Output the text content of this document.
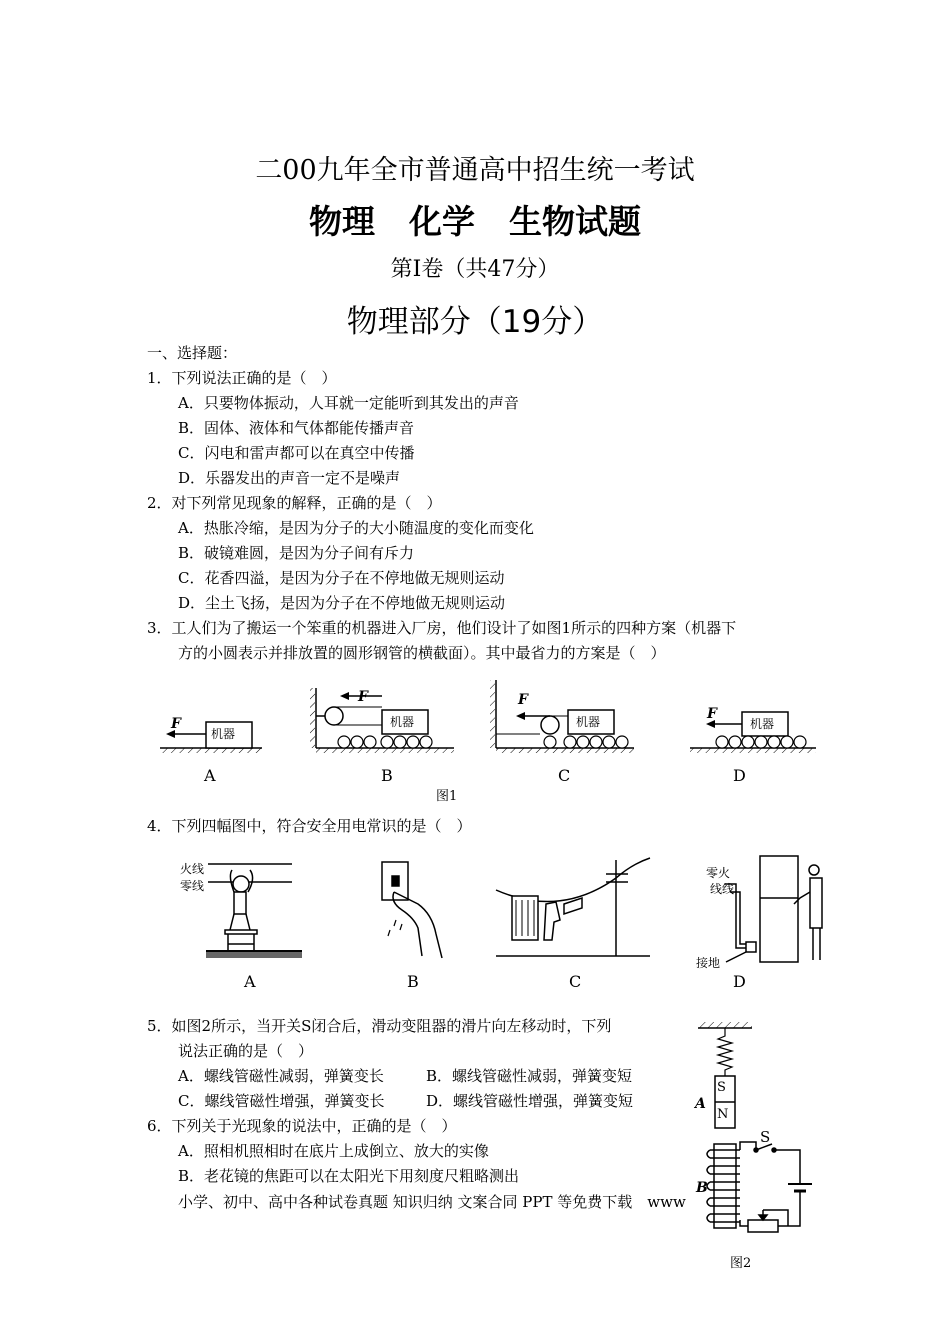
二00九年全市普通高中招生统一考试
物理 化学 生物试题
第Ⅰ卷（共47分）
物理部分（19分）
一、选择题：
1．下列说法正确的是（　）
A．只要物体振动，人耳就一定能听到其发出的声音
B．固体、液体和气体都能传播声音
C．闪电和雷声都可以在真空中传播
D．乐器发出的声音一定不是噪声
2．对下列常见现象的解释，正确的是（　）
A．热胀冷缩，是因为分子的大小随温度的变化而变化
B．破镜难圆，是因为分子间有斥力
C．花香四溢，是因为分子在不停地做无规则运动
D．尘土飞扬，是因为分子在不停地做无规则运动
3．工人们为了搬运一个笨重的机器进入厂房，他们设计了如图1所示的四种方案（机器下
方的小圆表示并排放置的圆形钢管的横截面）。其中最省力的方案是（　）
机器
机器	机器	机器
F
F	F
F
A	B	C	D
图1
4．下列四幅图中，符合安全用电常识的是（　）
火线
零线
零火
线线
接地
A	B	C	D
5．如图2所示，当开关S闭合后，滑动变阻器的滑片向左移动时，下列
说法正确的是（　）
A．螺线管磁性减弱，弹簧变长	B．螺线管磁性减弱，弹簧变短
C．螺线管磁性增强，弹簧变长	D．螺线管磁性增强，弹簧变短
6．下列关于光现象的说法中，正确的是（　）
A．照相机照相时在底片上成倒立、放大的实像
B．老花镜的焦距可以在太阳光下用刻度尺粗略测出
小学、初中、高中各种试卷真题 知识归纳 文案合同 PPT 等免费下载　www
S
N
A
B
S
图2
